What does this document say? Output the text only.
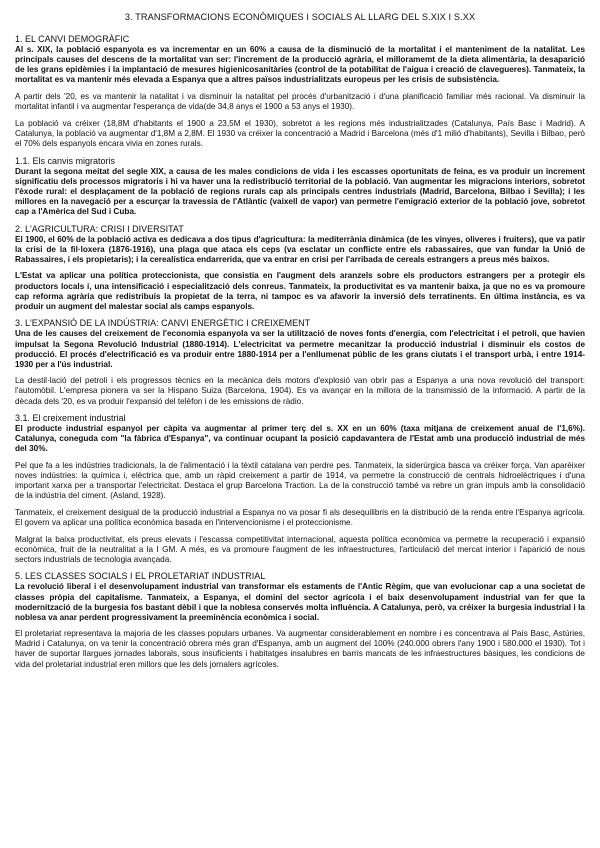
3. TRANSFORMACIONS ECONÒMIQUES I SOCIALS AL LLARG DEL S.XIX I S.XX
1. EL CANVI DEMOGRÀFIC

Al s. XIX, la població espanyola es va incrementar en un 60% a causa de la disminució de la mortalitat i el manteniment de la natalitat. Les principals causes del descens de la mortalitat van ser: l'increment de la producció agrària, el milloramemt de la dieta alimentària, la desaparició de les grans epidèmies i la implantació de mesures higienicosanitàries (control de la potabilitat de l'aigua i creació de clavegueres). Tanmateix, la mortalitat es va mantenir més elevada a Espanya que a altres països industrialitzats europeus per les crisis de subsistència.

A partir dels '20, es va mantenir la natalitat i va disminuir la natalitat pel procés d'urbanització i d'una planificació familiar més racional. Va disminuir la mortalitat infantil i va augmentar l'esperança de vida(de 34,8 anys el 1900 a 53 anys el 1930).

La població va créixer (18,8M d'habitants el 1900 a 23,5M el 1930), sobretot a les regions més industrialitzades (Catalunya, País Basc i Madrid). A Catalunya, la població va augmentar d'1,8M a 2,8M. El 1930 va créixer la concentració a Madrid i Barcelona (més d'1 milió d'habitants), Sevilla i Bilbao, però el 70% dels espanyols encara vivia en zones rurals.

1.1. Els canvis migratoris

Durant la segona meitat del segle XIX, a causa de les males condicions de vida i les escasses oportunitats de feina, es va produir un increment significatiu dels processos migratoris i hi va haver una la redistribució territorial de la població. Van augmentar les migracions interiors, sobretot l'èxode rural: el desplaçament de la població de regions rurals cap als principals centres industrials (Madrid, Barcelona, Bilbao i Sevilla); i les millores en la navegació per a escurçar la travessia de l'Atlàntic (vaixell de vapor) van permetre l'emigració exterior de la població jove, sobretot cap a l'Amèrica del Sud i Cuba.

2. L'AGRICULTURA: CRISI I DIVERSITAT

El 1900, el 60% de la població activa es dedicava a dos tipus d'agricultura: la mediterrània dinàmica (de les vinyes, oliveres i fruiters), que va patir la crisi de la fil·loxera (1876-1916), una plaga que ataca els ceps (va esclatar un conflicte entre els rabassaires, que van fundar la Unió de Rabassaires, i els propietaris); i la cerealística endarrerida, que va entrar en crisi per l'arribada de cereals estrangers a preus més baixos.

L'Estat va aplicar una política proteccionista, que consistia en l'augment dels aranzels sobre els productors estrangers per a protegir els productors locals i, una intensificació i especialització dels conreus. Tanmateix, la productivitat es va mantenir baixa, ja que no es va promoure cap reforma agrària que redistribuís la propietat de la terra, ni tampoc es va afavorir la inversió dels terratinents. En última instància, es va produir un augment del malestar social als camps espanyols.

3. L'EXPANSIÓ DE LA INDÚSTRIA: CANVI ENERGÈTIC I CREIXEMENT

Una de les causes del creixement de l'economia espanyola va ser la utilització de noves fonts d'energia, com l'electricitat i el petroli, que havien impulsat la Segona Revolució Industrial (1880-1914). L'electricitat va permetre mecanitzar la producció industrial i disminuir els costos de producció. El procés d'electrificació es va produir entre 1880-1914 per a l'enllumenat públic de les grans ciutats i el transport urbà, i entre 1914-1930 per a l'ús industrial.

La destil·lació del petroli i els progressos tècnics en la mecànica dels motors d'explosió van obrir pas a Espanya a una nova revolució del transport: l'automòbil. L'empresa pionera va ser la Hispano Suiza (Barcelona, 1904). Es va avançar en la millora de la transmissió de la informació. A partir de la dècada dels '20, es va produir l'expansió del telèfon i de les emissions de ràdio.

3.1. El creixement industrial

El producte industrial espanyol per càpita va augmentar al primer terç del s. XX en un 60% (taxa mitjana de creixement anual de l'1,6%). Catalunya, coneguda com "la fàbrica d'Espanya", va continuar ocupant la posició capdavantera de l'Estat amb una producció industrial de més del 30%.

Pel que fa a les indústries tradicionals, la de l'alimentació i la tèxtil catalana van perdre pes. Tanmateix, la siderúrgica basca va créixer força. Van aparèixer noves indústries: la química i, elèctrica que, amb un ràpid creixement a partir de 1914, va permetre la construcció de centrals hidroelèctriques i d'una important xarxa per a transportar l'electricitat. Destaca el grup Barcelona Traction. La de la construcció també va rebre un gran impuls amb la consolidació de la indústria del ciment. (Asland, 1928).

Tanmateix, el creixement desigual de la producció industrial a Espanya no va posar fi als desequilibris en la distribució de la renda entre l'Espanya agrícola. El govern va aplicar una política econòmica basada en l'intervencionisme i el proteccionisme.

Malgrat la baixa productivitat, els preus elevats i l'escassa competitivitat internacional, aquesta política econòmica va permetre la recuperació i expansió econòmica, fruit de la neutralitat a la I GM. A més, es va promoure l'augment de les infraestructures, l'articulació del mercat interior i l'aparició de nous sectors industrials de tecnologia avançada.

5. LES CLASSES SOCIALS I EL PROLETARIAT INDUSTRIAL

La revolució liberal i el desenvolupament industrial van transformar els estaments de l'Antic Règim, que van evolucionar cap a una societat de classes pròpia del capitalisme. Tanmateix, a Espanya, el domini del sector agrícola i el baix desenvolupament industrial van fer que la modernització de la burgesia fos bastant dèbil i que la noblesa conservés molta influència. A Catalunya, però, va créixer la burgesia industrial i la noblesa va anar perdent progressivament la preeminència econòmica i social.

El proletariat representava la majoria de les classes populars urbanes. Va augmentar considerablement en nombre i es concentrava al País Basc, Astúries, Madrid i Catalunya, on va tenir la concentració obrera més gran d'Espanya, amb un augment del 100% (240.000 obrers l'any 1900 i 580.000 el 1930). Tot i haver de suportar llargues jornades laborals, sous insuficients i habitatges insalubres en barris mancats de les infraestructures bàsiques, les condicions de vida del proletariat industrial eren millors que les dels jornalers agrícoles.
